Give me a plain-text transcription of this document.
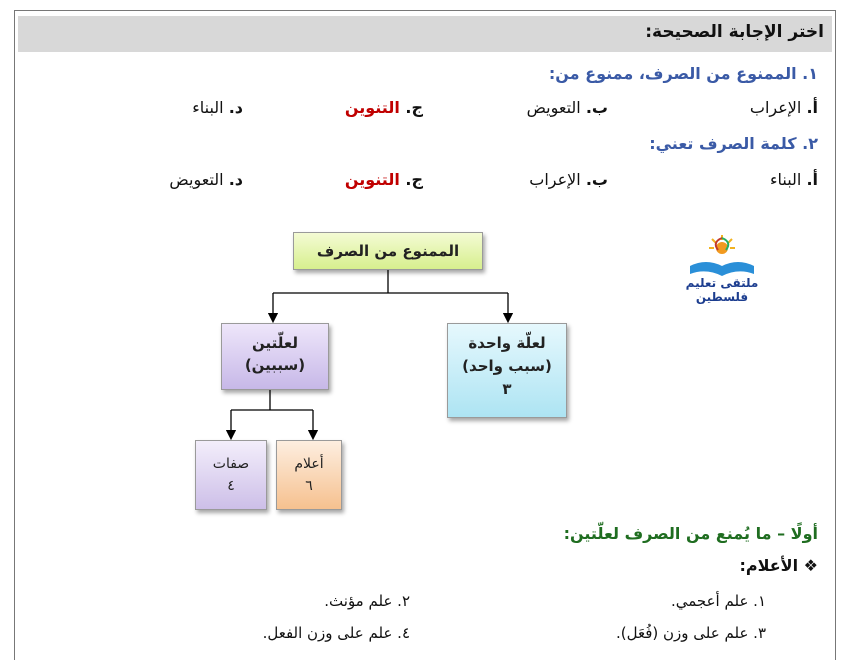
اختر الإجابة الصحيحة:
١. الممنوع من الصرف، ممنوع من:
أ. الإعراب
ب. التعويض
ج. التنوين
د. البناء
٢. كلمة الصرف تعني:
أ. البناء
ب. الإعراب
ج. التنوين
د. التعويض
الممنوع من الصرف
لعلّتين
(سببين)
لعلّة واحدة
(سبب واحد)
٣
صفات
٤
أعلام
٦
ملتقى تعليم فلسطين
أولًا – ما يُمنع من الصرف لعلّتين:
❖ الأعلام:
١. علم أعجمي.
٢. علم مؤنث.
٣. علم على وزن (فُعَل).
٤. علم على وزن الفعل.
